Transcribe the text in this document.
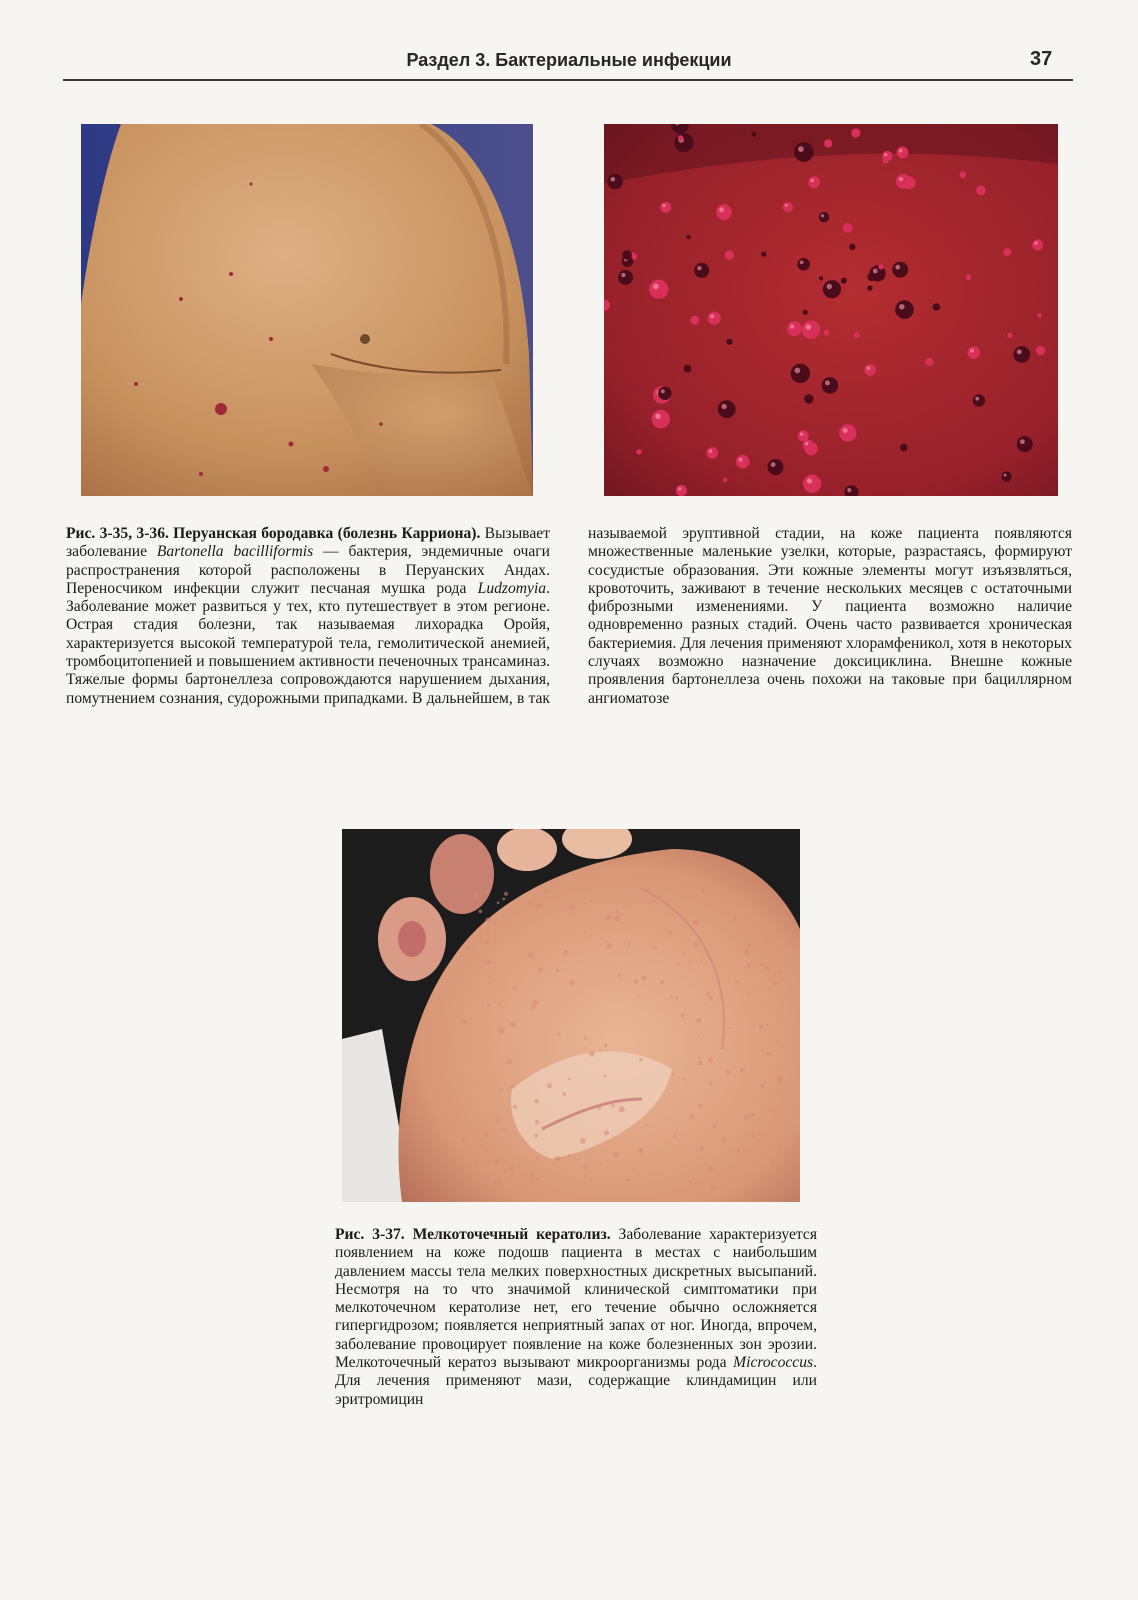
Раздел 3. Бактериальные инфекции	37
Рис. 3-35, 3-36. Перуанская бородавка (болезнь Карриона). Вызывает заболевание Bartonella bacilliformis — бактерия, эндемичные очаги распространения которой расположены в Перуанских Андах. Переносчиком инфекции служит песчаная мушка рода Ludzomyia. Заболевание может развиться у тех, кто путешествует в этом регионе. Острая стадия болезни, так называемая лихорадка Оройя, характеризуется высокой температурой тела, гемолитической анемией, тромбоцитопенией и повышением активности печеночных трансаминаз. Тяжелые формы бартонеллеза сопровождаются нарушением дыхания, помутнением сознания, судорожными припадками. В дальнейшем, в так называемой эруптивной стадии, на коже пациента появляются множественные маленькие узелки, которые, разрастаясь, формируют сосудистые образования. Эти кожные элементы могут изъязвляться, кровоточить, заживают в течение нескольких месяцев с остаточными фиброзными изменениями. У пациента возможно наличие одновременно разных стадий. Очень часто развивается хроническая бактериемия. Для лечения применяют хлорамфеникол, хотя в некоторых случаях возможно назначение доксициклина. Внешне кожные проявления бартонеллеза очень похожи на таковые при бациллярном ангиоматозе
Рис. 3-37. Мелкоточечный кератолиз. Заболевание характеризуется появлением на коже подошв пациента в местах с наибольшим давлением массы тела мелких поверхностных дискретных высыпаний. Несмотря на то что значимой клинической симптоматики при мелкоточечном кератолизе нет, его течение обычно осложняется гипергидрозом; появляется неприятный запах от ног. Иногда, впрочем, заболевание провоцирует появление на коже болезненных зон эрозии. Мелкоточечный кератоз вызывают микроорганизмы рода Micrococcus. Для лечения применяют мази, содержащие клиндамицин или эритромицин
